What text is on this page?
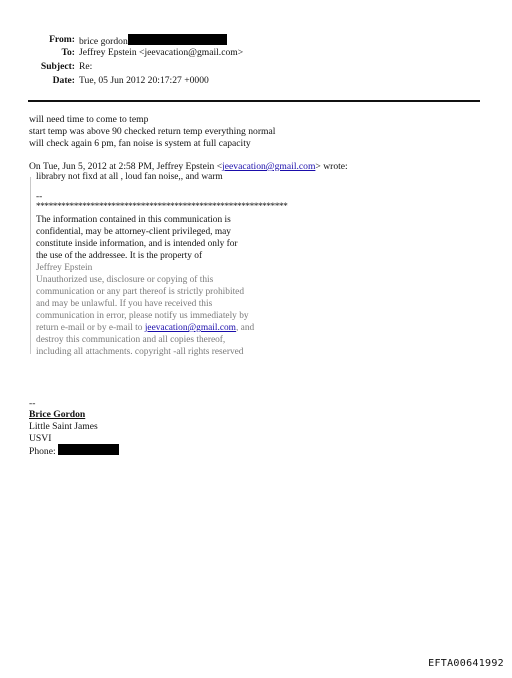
From: brice gordon
To: Jeffrey Epstein <jeevacation@gmail.com>
Subject: Re:
Date: Tue, 05 Jun 2012 20:17:27 +0000
will need time to come to temp
start temp was above 90 checked return temp everything normal
will check again 6 pm, fan noise is system at full capacity
On Tue, Jun 5, 2012 at 2:58 PM, Jeffrey Epstein <jeevacation@gmail.com> wrote:
librabry not fixd at all , loud fan noise,, and warm
--
************************************************************
The information contained in this communication is
confidential, may be attorney-client privileged, may
constitute inside information, and is intended only for
the use of the addressee. It is the property of
Jeffrey Epstein
Unauthorized use, disclosure or copying of this
communication or any part thereof is strictly prohibited
and may be unlawful. If you have received this
communication in error, please notify us immediately by
return e-mail or by e-mail to jeevacation@gmail.com, and
destroy this communication and all copies thereof,
including all attachments. copyright -all rights reserved
--
Brice Gordon
Little Saint James
USVI
Phone:
EFTA00641992
